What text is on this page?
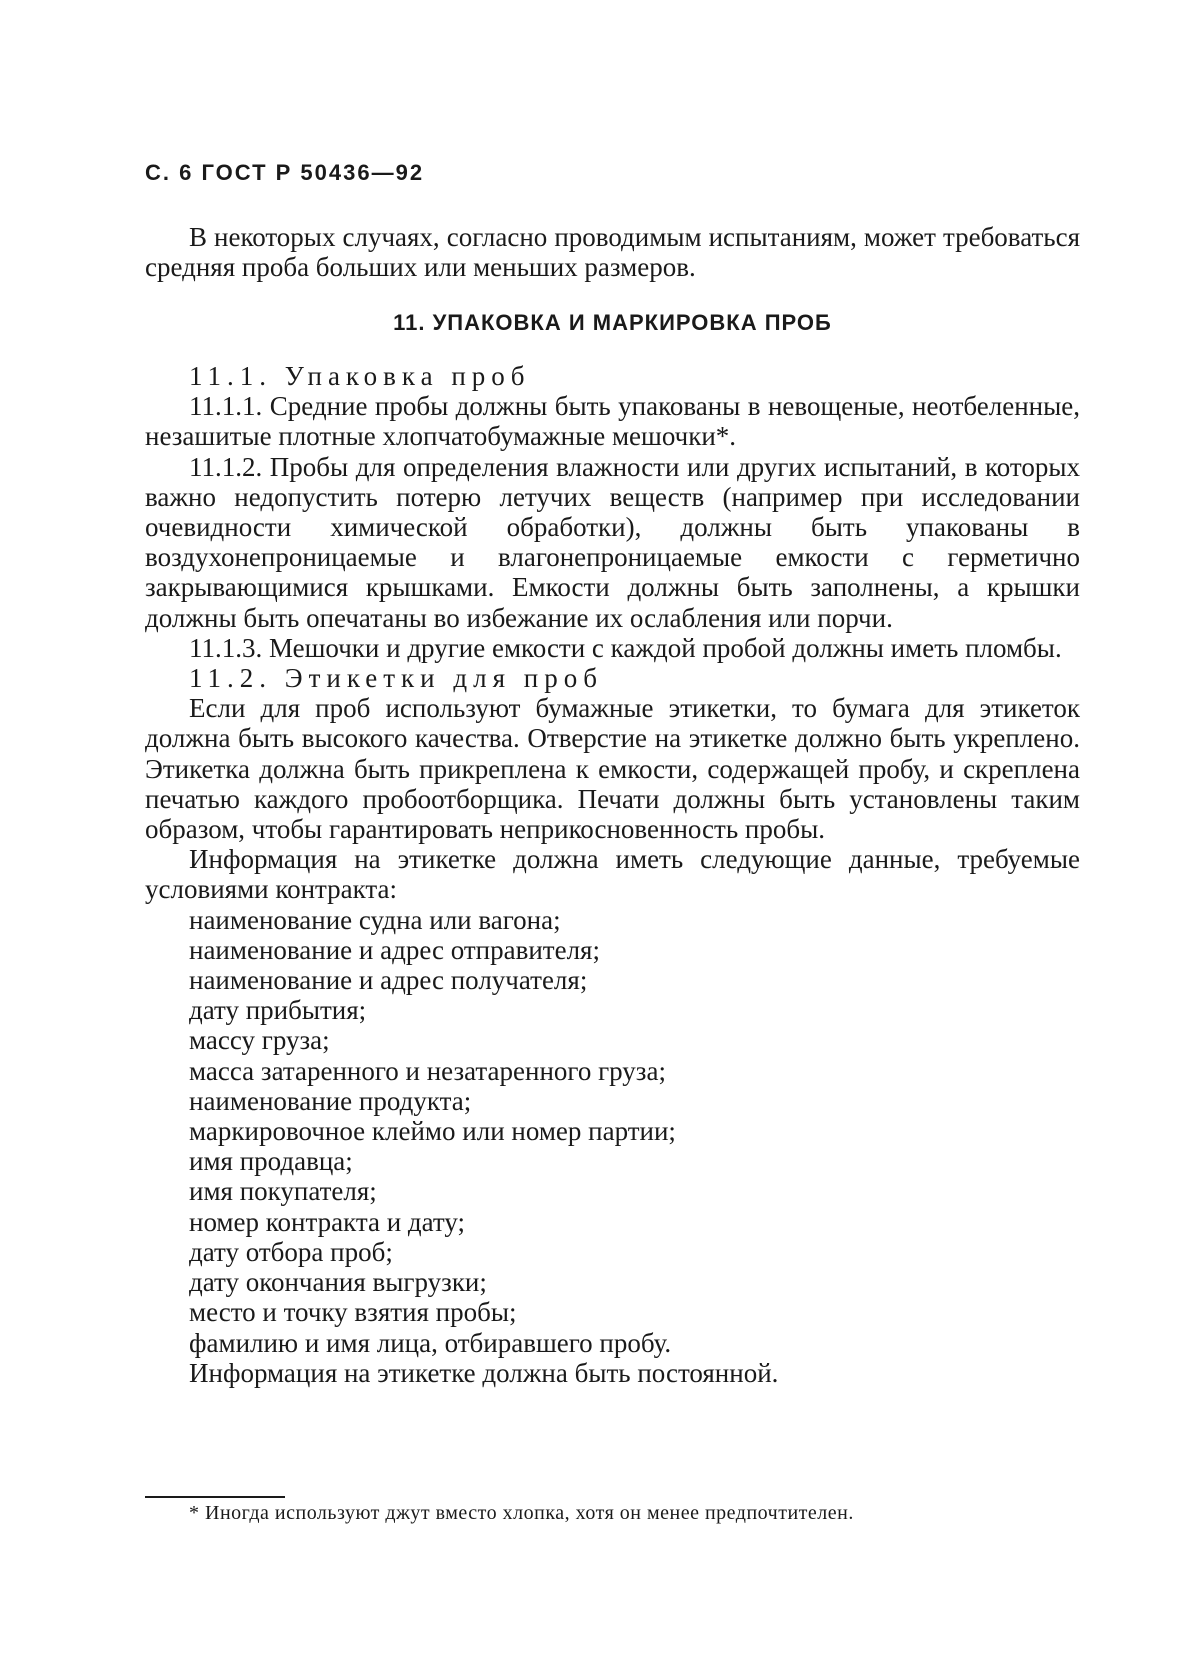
С. 6 ГОСТ Р 50436—92

В некоторых случаях, согласно проводимым испытаниям, может требоваться средняя проба больших или меньших размеров.

11. УПАКОВКА И МАРКИРОВКА ПРОБ

11.1. Упаковка проб

11.1.1. Средние пробы должны быть упакованы в невощеные, неотбеленные, незашитые плотные хлопчатобумажные мешочки*.

11.1.2. Пробы для определения влажности или других испытаний, в которых важно недопустить потерю летучих веществ (например при исследовании очевидности химической обработки), должны быть упакованы в воздухонепроницаемые и влагонепроницаемые емкости с герметично закрывающимися крышками. Емкости должны быть заполнены, а крышки должны быть опечатаны во избежание их ослабления или порчи.

11.1.3. Мешочки и другие емкости с каждой пробой должны иметь пломбы.

11.2. Этикетки для проб

Если для проб используют бумажные этикетки, то бумага для этикеток должна быть высокого качества. Отверстие на этикетке должно быть укреплено. Этикетка должна быть прикреплена к емкости, содержащей пробу, и скреплена печатью каждого пробоотборщика. Печати должны быть установлены таким образом, чтобы гарантировать неприкосновенность пробы.

Информация на этикетке должна иметь следующие данные, требуемые условиями контракта:

наименование судна или вагона;
наименование и адрес отправителя;
наименование и адрес получателя;
дату прибытия;
массу груза;
масса затаренного и незатаренного груза;
наименование продукта;
маркировочное клеймо или номер партии;
имя продавца;
имя покупателя;
номер контракта и дату;
дату отбора проб;
дату окончания выгрузки;
место и точку взятия пробы;
фамилию и имя лица, отбиравшего пробу.

Информация на этикетке должна быть постоянной.

* Иногда используют джут вместо хлопка, хотя он менее предпочтителен.
